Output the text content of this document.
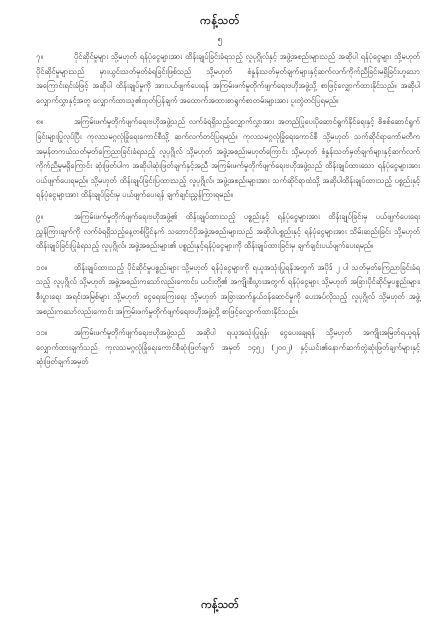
ကန့်သတ်
၅

၇။	ပိုင်ဆိုင်မှုများ သို့မဟုတ် ရန်ပုံငွေများအား ထိန်းချုပ်ခြင်းခံရသည့် လူပုဂ္ဂိုလ်နှင့် အဖွဲ့အစည်းများသည် အဆိုပါ ရန်ပုံငွေများ သို့မဟုတ် ပိုင်ဆိုင်မှုများသည် မှားယွင်းသတ်မှတ်ခံရခြင်းဖြစ်သည် သို့မဟုတ် စံနှုန်းသတ်မှတ်ချက်များနှင့်ဆက်လက်ကိုက်ညီခြင်းမရှိခြင်းဟူသော အကြောင်းရင်းခံဖြင့် အဆိုပါ ထိန်းချုပ်မှုကို အားပယ်ဖျက်ပေးရန် အကြမ်းဖက်မှုတိုက်ဖျက်ရေးဗဟိုအဖွဲ့သို့ စာဖြင့်လျှောက်ထားနိုင်သည်။ အဆိုပါ လျှောက်လွှာနှင့်အတူ လျှောက်ထားသူ၏ထုတ်ပြန်ချက် အထောက်အထားစာရွက်စာတမ်းများအား ပူးတွဲတင်ပြရမည်။

၈။	အကြမ်းဖက်မှုတိုက်ဖျက်ရေးဗဟိုအဖွဲ့သည် လက်ခံရရှိသည့်လျှောက်လွှာအား အတည်ပြုပေးပိုဆောင်ရွက်နိုင်ရေးနှင့် စိစစ်ဆောင်ရွက်ခြင်းများပြုလုပ်ပြီး ကုလသမဂ္ဂလုံခြုံရေးကောင်စီသို့ ဆက်လက်တင်ပြရမည်။ ကုလသမဂ္ဂလုံခြုံရေးကောင်စီ သို့မဟုတ် သက်ဆိုင်ရာကော်မတီက အမှန်တကယ်သတ်မှတ်ကြေညာခြင်းခံရသည့် လူပုဂ္ဂိုလ် သို့မဟုတ် အဖွဲ့အစည်းမဟုတ်ကြောင်း သို့မဟုတ် စံနှုန်းသတ်မှတ်ချက်များနှင့်ဆက်လက်ကိုက်ညီမှုမရှိကြောင်း ဆုံးဖြတ်ပါက အဆိုပါဆုံးဖြတ်ချက်နှင့်အညီ အကြမ်းဖက်မှုတိုက်ဖျက်ရေးဗဟိုအဖွဲ့သည် ထိန်းချုပ်ထားသော ရန်ပုံငွေများအားပယ်ဖျက်ပေးရမည်။ သို့မဟုတ် ထိန်းချုပ်ခြင်းပြထားသည့် လူပုဂ္ဂိုလ်၊ အဖွဲ့အစည်းများအား သက်ဆိုင်ရာထံသို့ အဆိုပါထိန်းချုပ်ထားသည့် ပစ္စည်းနှင့် ရန်ပုံငွေများအား ထိန်းချုပ်ခြင်းမှ ပယ်ဖျက်ပေးရန် ချက်ချင်းညွှန်ကြားရမည်။

၉။	အကြမ်းဖက်မှုတိုက်ဖျက်ရေးဗဟိုအဖွဲ့၏ ထိန်းချုပ်ထားသည့် ပစ္စည်းနှင့် ရန်ပုံငွေများအား ထိန်းချုပ်ခြင်းမှ ပယ်ဖျက်ပေးရေးညွှန်ကြားချက်ကို လက်ခံရရှိသည့်နေ့တစ်ပြိုင်နက် သဘောင်ပိုအဖွဲ့အစည်းများသည် အဆိုပါပစ္စည်းနှင့် ရန်ပုံငွေများအား သိမ်းဆည်းခြင်း သို့မဟုတ် ထိန်းချုပ်ခြင်းပြုခံရသည့် လူပုဂ္ဂိုလ်၊ အဖွဲ့အစည်းများ၏ ပစ္စည်းနှင့်ရန်ပုံငွေများကို ထိန်းချုပ်ထားခြင်းမှ ချက်ချင်းပယ်ဖျက်ပေးရမည်။

၁၀။	ထိန်းချုပ်ထားသည့် ပိုင်ဆိုင်မှုပစ္စည်းများ သို့မဟုတ် ရန်ပုံငွေများကို ရယူအသုံးပြုရန်အတွက် အပိုဒ် ၂ ပါ သတ်မှတ်ကြေညာခြင်းခံရသည့် လူပုဂ္ဂိုလ် သို့မဟုတ် အဖွဲ့အစည်းကသော်လည်းကောင်း၊ ယင်းတို့၏ အကျိုးစီးပွားအတွက် ရန်ပုံငွေများ သို့မဟုတ် အခြားပိုင်ဆိုင်မှုပစ္စည်းများ၊ စီးပွားရေး အရင်းအမြစ်များ သို့မဟုတ် ငွေရေးကြေးရေး သို့မဟုတ် အခြားဆက်နွယ်ဝန်ဆောင်မှုကို ပေးအပ်လိုသည့် လူပုဂ္ဂိုလ် သို့မဟုတ် အဖွဲ့အစည်းကသော်လည်းကောင်း အကြမ်းဖက်မှုတိုက်ဖျက်ရေးဗဟိုအဖွဲ့သို့ စာဖြင့်လျှောက်ထားနိုင်သည်။

၁၁။	အကြမ်းဖက်မှုတိုက်ဖျက်ရေးဗဟိုအဖွဲ့သည် အဆိုပါ ရယူအသုံးပြုရန်၊ ငွေပေးချေရန် သို့မဟုတ် အကျိုးအမြတ်ရယူရန် လျှောက်ထားချက်သည် ကုလသမဂ္ဂလုံခြုံရေးကောင်စီဆုံးဖြတ်ချက် အမှတ် ၁၄၅၂ (၂၀၀၂) နှင့်ယင်း၏နောက်ဆက်တွဲဆုံးဖြတ်ချက်များနှင့် ဆုံးဖြတ်ချက်အမှတ်

ကန့်သတ်
